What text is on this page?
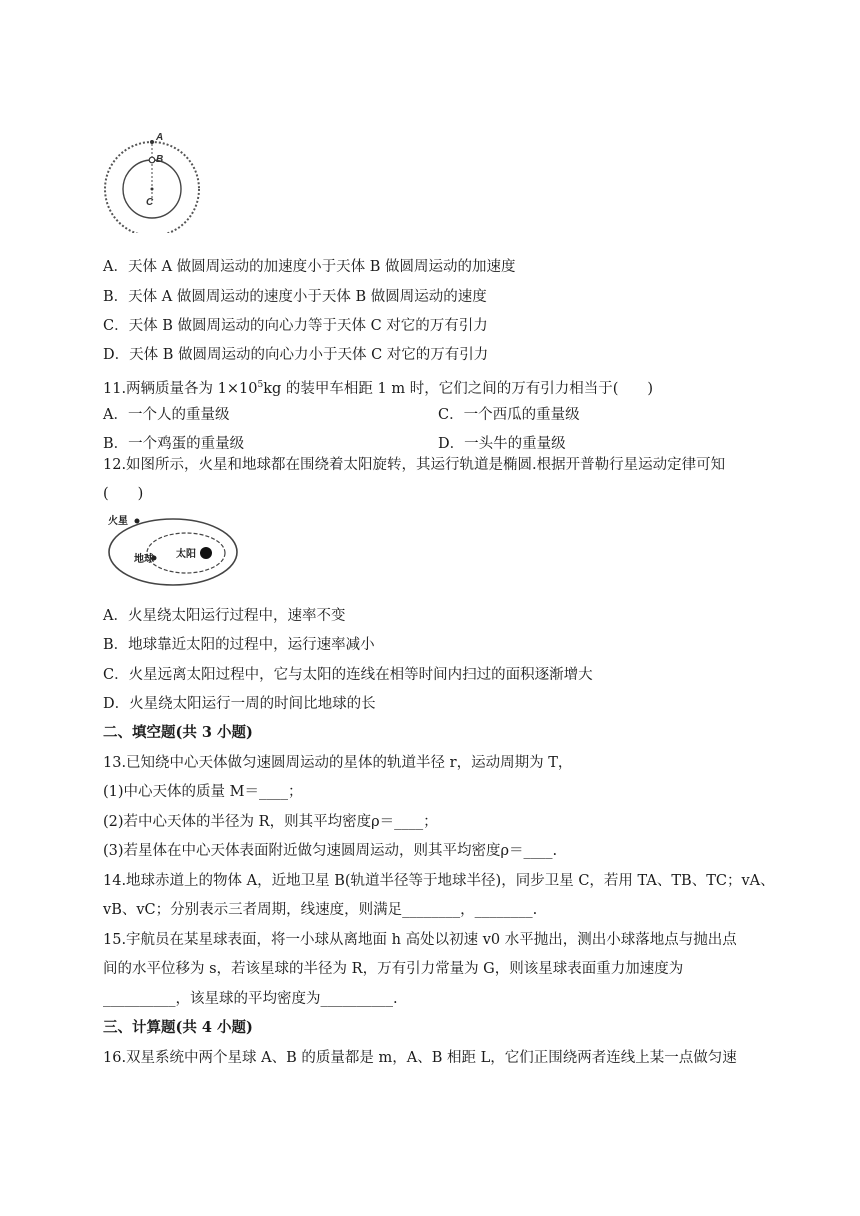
A
B
C
A．天体 A 做圆周运动的加速度小于天体 B 做圆周运动的加速度
B．天体 A 做圆周运动的速度小于天体 B 做圆周运动的速度
C．天体 B 做圆周运动的向心力等于天体 C 对它的万有引力
D．天体 B 做圆周运动的向心力小于天体 C 对它的万有引力
11.两辆质量各为 $1\times 10^5kg$ 的装甲车相距 1 m 时，它们之间的万有引力相当于(　　)
A．一个人的重量级	C．一个西瓜的重量级
B．一个鸡蛋的重量级	D．一头牛的重量级
12.如图所示，火星和地球都在围绕着太阳旋转，其运行轨道是椭圆.根据开普勒行星运动定律可知
(　　)
火星
地球 太阳
A．火星绕太阳运行过程中，速率不变
B．地球靠近太阳的过程中，运行速率减小
C．火星远离太阳过程中，它与太阳的连线在相等时间内扫过的面积逐渐增大
D．火星绕太阳运行一周的时间比地球的长
二、填空题(共 3 小题)
13.已知绕中心天体做匀速圆周运动的星体的轨道半径 r，运动周期为 T，
(1)中心天体的质量 M＝____；
(2)若中心天体的半径为 R，则其平均密度ρ＝____；
(3)若星体在中心天体表面附近做匀速圆周运动，则其平均密度ρ＝____.
14.地球赤道上的物体 A，近地卫星 B(轨道半径等于地球半径)，同步卫星 C，若用 TA、TB、TC；vA、
vB、vC；分别表示三者周期，线速度，则满足________，________.
15.宇航员在某星球表面，将一小球从离地面 h 高处以初速 v0 水平抛出，测出小球落地点与抛出点
间的水平位移为 s，若该星球的半径为 R，万有引力常量为 G，则该星球表面重力加速度为
__________，该星球的平均密度为__________.
三、计算题(共 4 小题)
16.双星系统中两个星球 A、B 的质量都是 m，A、B 相距 L，它们正围绕两者连线上某一点做匀速
